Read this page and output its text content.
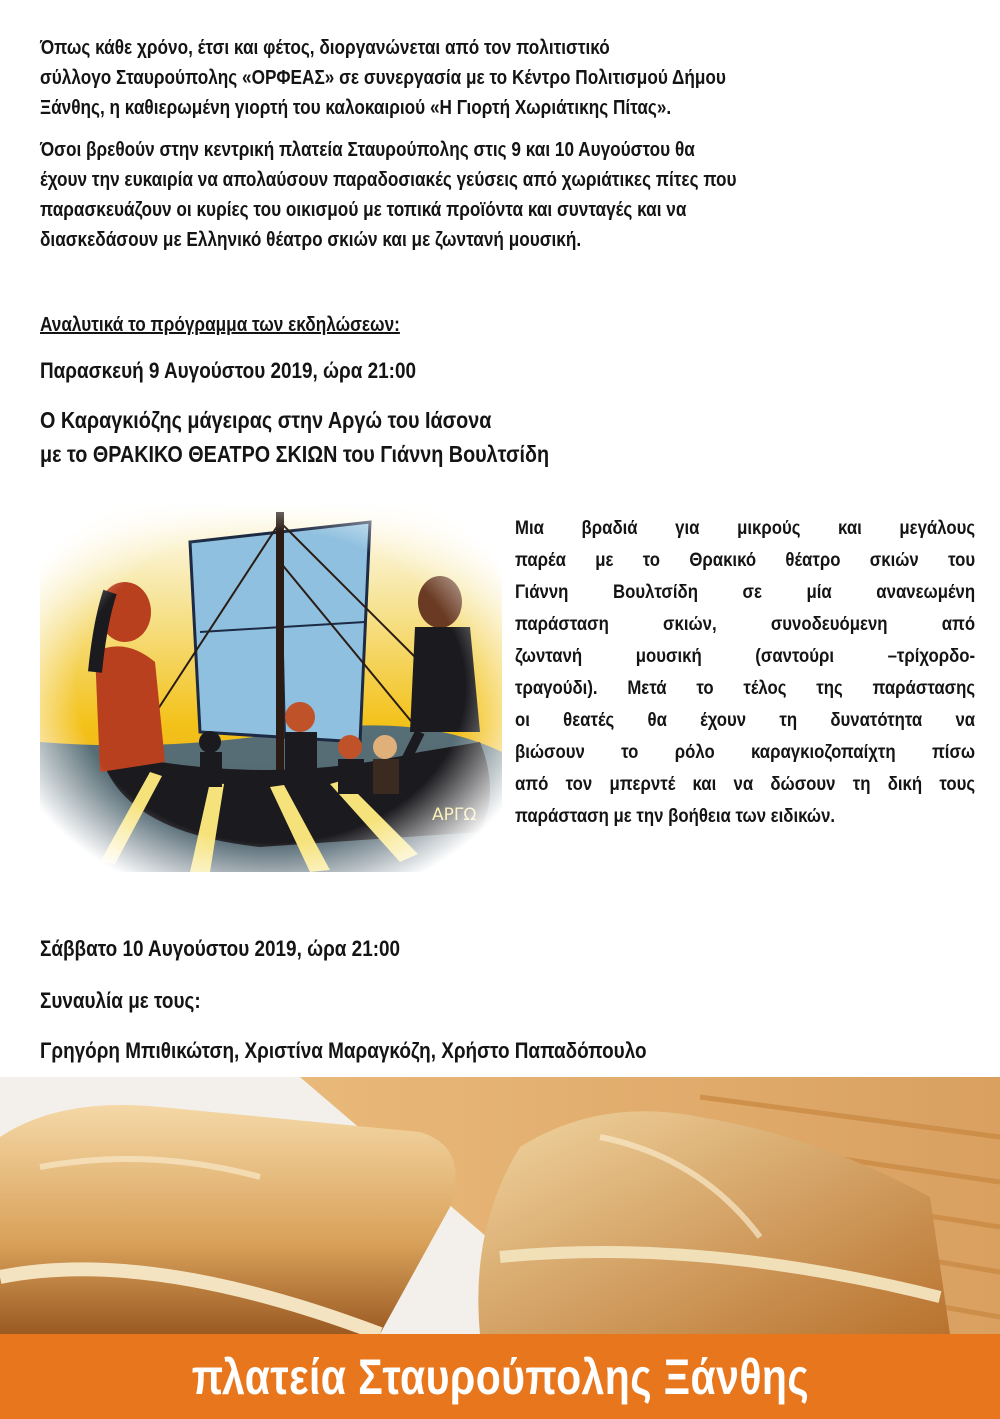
Όπως κάθε χρόνο, έτσι και φέτος, διοργανώνεται από τον πολιτιστικό
σύλλογο Σταυρούπολης «ΟΡΦΕΑΣ» σε συνεργασία με το Κέντρο Πολιτισμού Δήμου
Ξάνθης, η καθιερωμένη γιορτή του καλοκαιριού «Η Γιορτή Χωριάτικης Πίτας».
Όσοι βρεθούν στην κεντρική πλατεία Σταυρούπολης στις 9 και 10 Αυγούστου θα
έχουν την ευκαιρία να απολαύσουν παραδοσιακές γεύσεις από χωριάτικες πίτες που
παρασκευάζουν οι κυρίες του οικισμού με τοπικά προϊόντα και συνταγές και να
διασκεδάσουν με Ελληνικό θέατρο σκιών και με ζωντανή μουσική.
Αναλυτικά το πρόγραμμα των εκδηλώσεων:
Παρασκευή 9 Αυγούστου 2019, ώρα 21:00
Ο Καραγκιόζης μάγειρας στην Αργώ του Ιάσονα
με το ΘΡΑΚΙΚΟ ΘΕΑΤΡΟ ΣΚΙΩΝ του Γιάννη Βουλτσίδη
Μια βραδιά για μικρούς και μεγάλους
παρέα με το Θρακικό θέατρο σκιών του
Γιάννη Βουλτσίδη σε μία ανανεωμένη
παράσταση σκιών, συνοδευόμενη από
ζωντανή μουσική (σαντούρι –τρίχορδο-
τραγούδι). Μετά το τέλος της παράστασης
οι θεατές θα έχουν τη δυνατότητα να
βιώσουν το ρόλο καραγκιοζοπαίχτη πίσω
από τον μπερντέ και να δώσουν τη δική τους
παράσταση με την βοήθεια των ειδικών.
Σάββατο 10 Αυγούστου 2019, ώρα 21:00
Συναυλία με τους:
Γρηγόρη Μπιθικώτση, Χριστίνα Μαραγκόζη, Χρήστο Παπαδόπουλο
πλατεία Σταυρούπολης Ξάνθης
